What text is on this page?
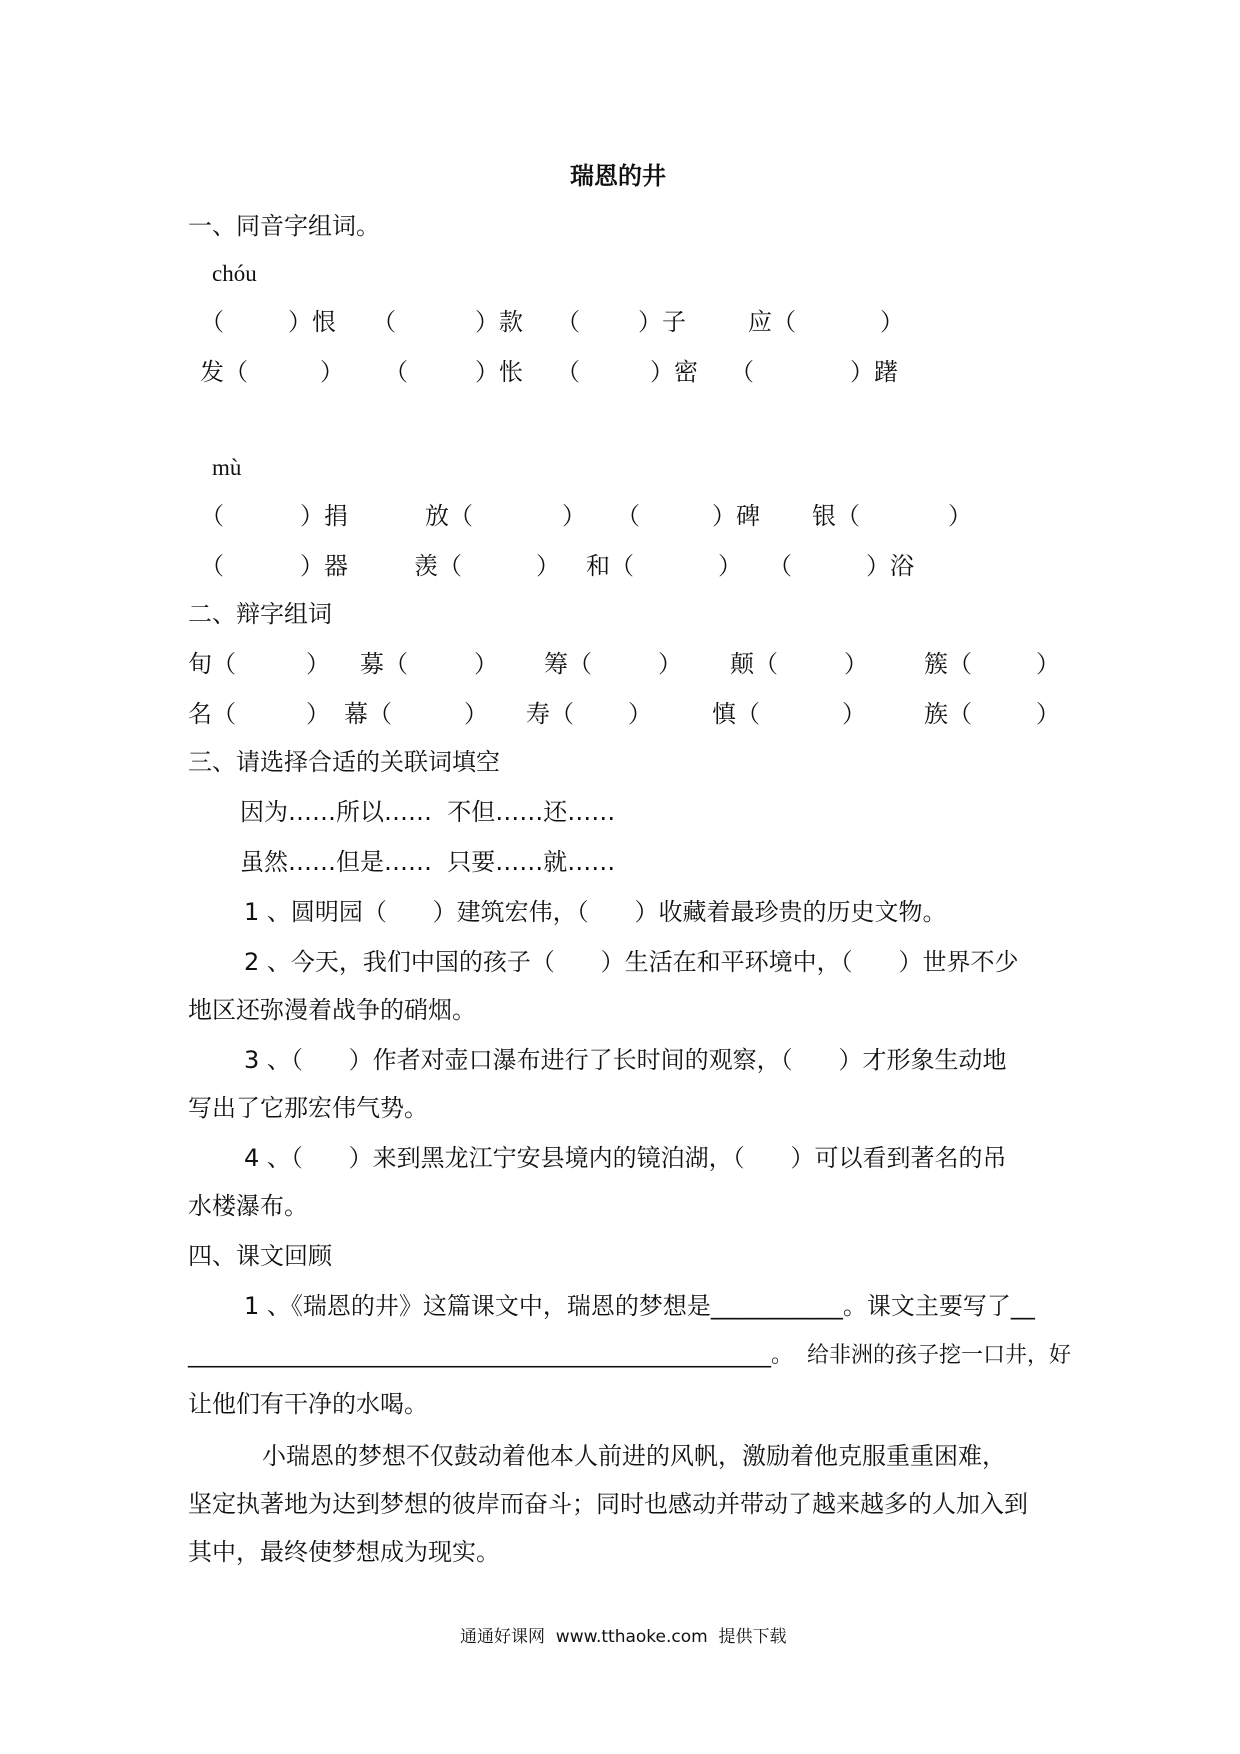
瑞恩的井
一、同音字组词。
chóu
（	）恨 （	）款 （ ）子	应（	）
发（	） （	）怅 （	）密 （	）躇
mù
（	）捐	放（	） （	）碑 银（	）
（	）器	羡（	） 和（	） （	）浴
二、辩字组词
旬（	） 募（	） 筹（	） 颠（	） 簇（	）
名（	） 幕（	） 寿（ ）	慎（	） 族（	）
三、请选择合适的关联词填空
因为……所以……  不但……还……
虽然……但是……  只要……就……
1 、圆明园（      ）建筑宏伟，（      ）收藏着最珍贵的历史文物。
2 、今天，我们中国的孩子（      ）生活在和平环境中，（      ）世界不少
地区还弥漫着战争的硝烟。
3 、（      ）作者对壶口瀑布进行了长时间的观察，（      ）才形象生动地
写出了它那宏伟气势。
4 、（      ）来到黑龙江宁安县境内的镜泊湖，（      ）可以看到著名的吊
水楼瀑布。
四、课文回顾
1 、《瑞恩的井》这篇课文中，瑞恩的梦想是___________。课文主要写了__
_____________________________________________________。  给非洲的孩子挖一口井，好
让他们有干净的水喝。
小瑞恩的梦想不仅鼓动着他本人前进的风帆，激励着他克服重重困难，
坚定执著地为达到梦想的彼岸而奋斗；同时也感动并带动了越来越多的人加入到
其中，最终使梦想成为现实。
通通好课网  www.tthaoke.com  提供下载
